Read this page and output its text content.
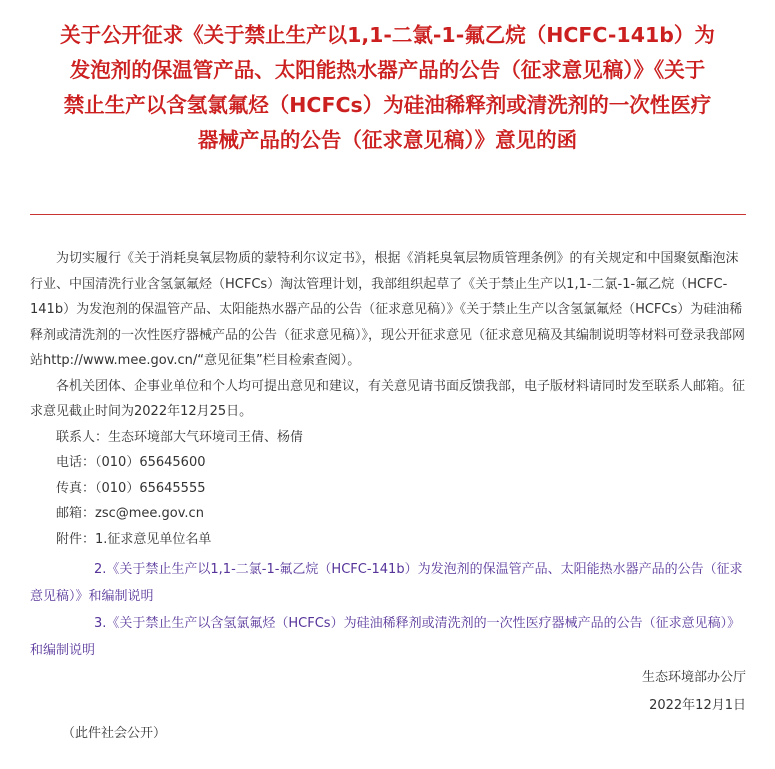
关于公开征求《关于禁止生产以1,1-二氯-1-氟乙烷（HCFC-141b）为发泡剂的保温管产品、太阳能热水器产品的公告（征求意见稿）》《关于禁止生产以含氢氯氟烃（HCFCs）为硅油稀释剂或清洗剂的一次性医疗器械产品的公告（征求意见稿）》意见的函

为切实履行《关于消耗臭氧层物质的蒙特利尔议定书》，根据《消耗臭氧层物质管理条例》的有关规定和中国聚氨酯泡沫行业、中国清洗行业含氢氯氟烃（HCFCs）淘汰管理计划，我部组织起草了《关于禁止生产以1,1-二氯-1-氟乙烷（HCFC-141b）为发泡剂的保温管产品、太阳能热水器产品的公告（征求意见稿）》《关于禁止生产以含氢氯氟烃（HCFCs）为硅油稀释剂或清洗剂的一次性医疗器械产品的公告（征求意见稿）》，现公开征求意见（征求意见稿及其编制说明等材料可登录我部网站http://www.mee.gov.cn/“意见征集”栏目检索查阅）。

各机关团体、企事业单位和个人均可提出意见和建议，有关意见请书面反馈我部，电子版材料请同时发至联系人邮箱。征求意见截止时间为2022年12月25日。

联系人：生态环境部大气环境司王倩、杨倩

电话：（010）65645600

传真：（010）65645555

邮箱：zsc@mee.gov.cn

附件：1.征求意见单位名单

2.《关于禁止生产以1,1-二氯-1-氟乙烷（HCFC-141b）为发泡剂的保温管产品、太阳能热水器产品的公告（征求意见稿）》和编制说明

3.《关于禁止生产以含氢氯氟烃（HCFCs）为硅油稀释剂或清洗剂的一次性医疗器械产品的公告（征求意见稿）》和编制说明

生态环境部办公厅

2022年12月1日

（此件社会公开）
